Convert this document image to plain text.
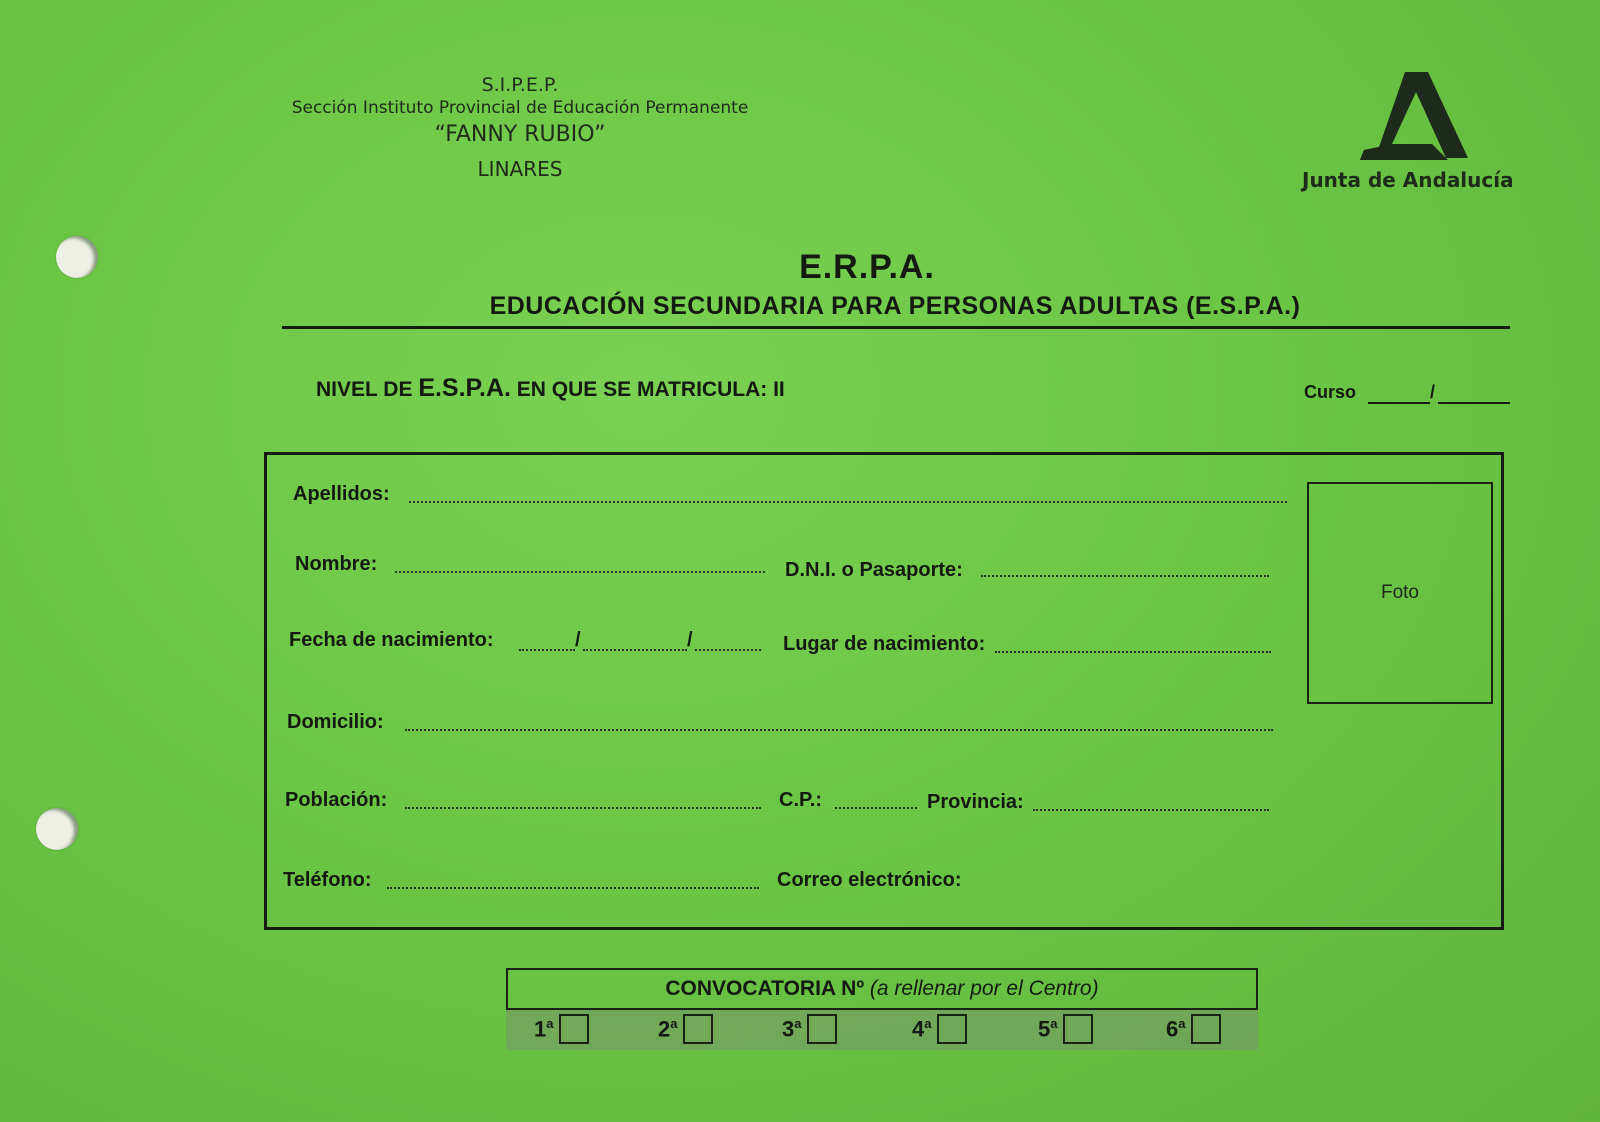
S.I.P.E.P.
Sección Instituto Provincial de Educación Permanente
“FANNY RUBIO”
LINARES	Junta de Andalucía
E.R.P.A.
EDUCACIÓN SECUNDARIA PARA PERSONAS ADULTAS (E.S.P.A.)
NIVEL DE E.S.P.A. EN QUE SE MATRICULA: II	Curso	/
Apellidos:
Nombre:	D.N.I. o Pasaporte:
Fecha de nacimiento:	/	/	Lugar de nacimiento:
Domicilio:
Población:	C.P.:	Provincia:
Teléfono:	Correo electrónico:
Foto
CONVOCATORIA Nº (a rellenar por el Centro)
1$^a$	2$^a$	3$^a$	4$^a$	5$^a$	6$^a$
